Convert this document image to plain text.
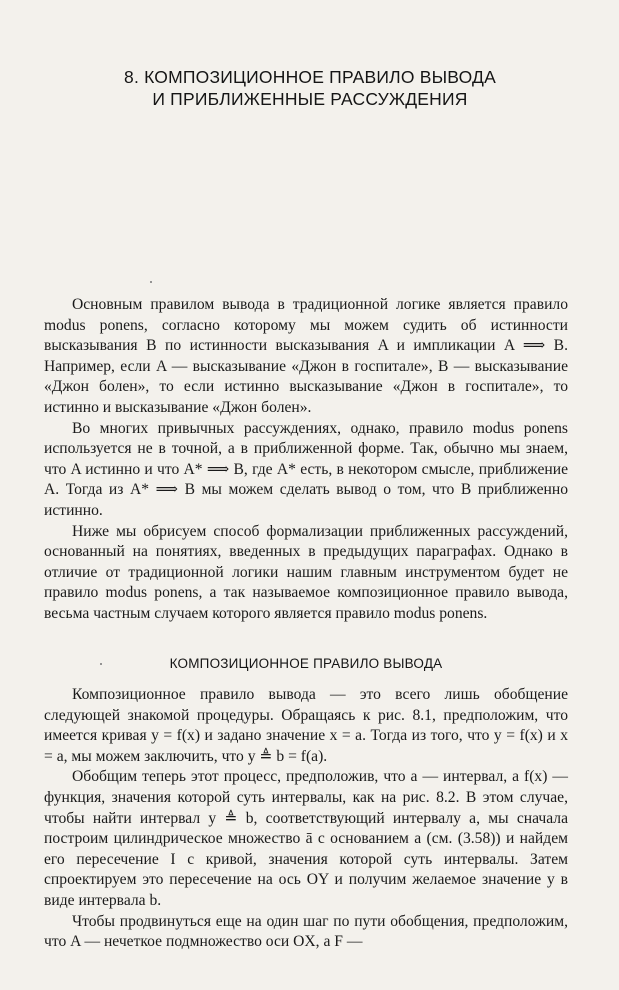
8. КОМПОЗИЦИОННОЕ ПРАВИЛО ВЫВОДА
И ПРИБЛИЖЕННЫЕ РАССУЖДЕНИЯ

Основным правилом вывода в традиционной логике является правило modus ponens, согласно которому мы можем судить об истинности высказывания B по истинности высказывания A и импликации A ⟹ B. Например, если A — высказывание «Джон в госпитале», B — высказывание «Джон болен», то если истинно высказывание «Джон в госпитале», то истинно и высказывание «Джон болен».

Во многих привычных рассуждениях, однако, правило modus ponens используется не в точной, а в приближенной форме. Так, обычно мы знаем, что A истинно и что A* ⟹ B, где A* есть, в некотором смысле, приближение A. Тогда из A* ⟹ B мы можем сделать вывод о том, что B приближенно истинно.

Ниже мы обрисуем способ формализации приближенных рассуждений, основанный на понятиях, введенных в предыдущих параграфах. Однако в отличие от традиционной логики нашим главным инструментом будет не правило modus ponens, а так называемое композиционное правило вывода, весьма частным случаем которого является правило modus ponens.

КОМПОЗИЦИОННОЕ ПРАВИЛО ВЫВОДА

Композиционное правило вывода — это всего лишь обобщение следующей знакомой процедуры. Обращаясь к рис. 8.1, предположим, что имеется кривая y = f(x) и задано значение x = a. Тогда из того, что y = f(x) и x = a, мы можем заключить, что y ≜ b = f(a).

Обобщим теперь этот процесс, предположив, что a — интервал, а f(x) — функция, значения которой суть интервалы, как на рис. 8.2. В этом случае, чтобы найти интервал y ≜ b, соответствующий интервалу a, мы сначала построим цилиндрическое множество ā с основанием a (см. (3.58)) и найдем его пересечение I с кривой, значения которой суть интервалы. Затем спроектируем это пересечение на ось OY и получим желаемое значение y в виде интервала b.

Чтобы продвинуться еще на один шаг по пути обобщения, предположим, что A — нечеткое подмножество оси OX, а F —
